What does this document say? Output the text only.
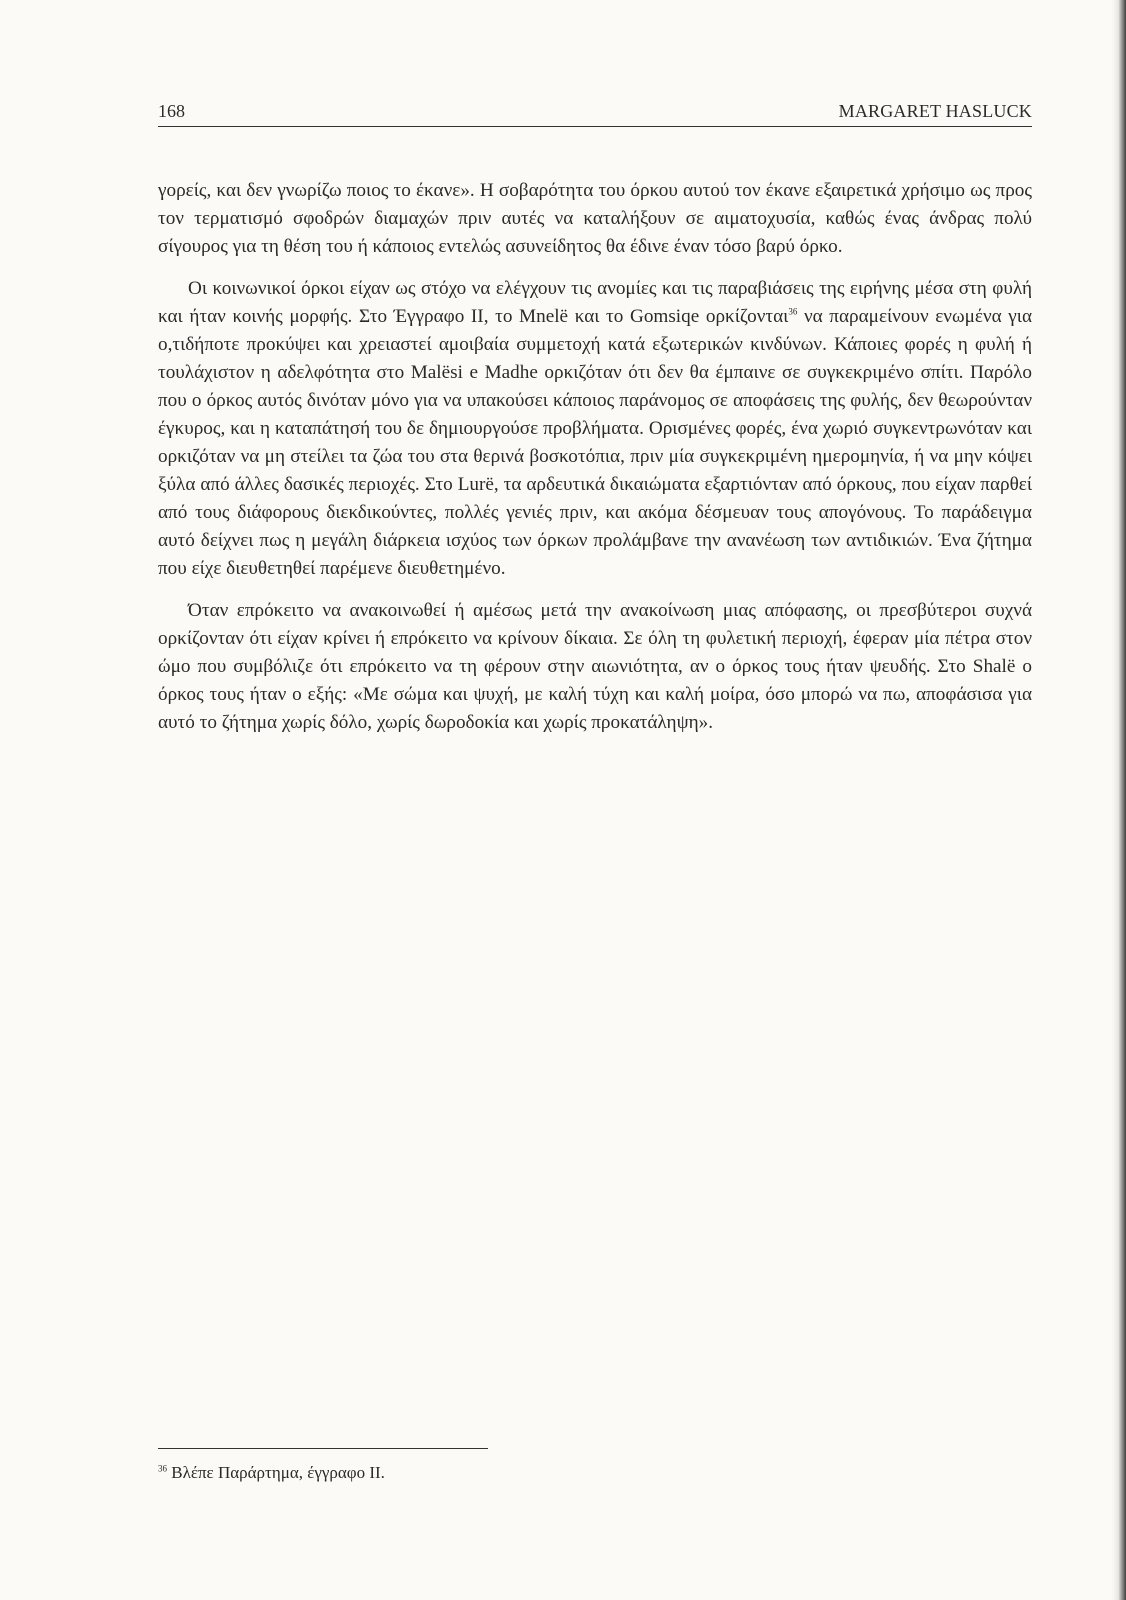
168	MARGARET HASLUCK

γορείς, και δεν γνωρίζω ποιος το έκανε». Η σοβαρότητα του όρκου αυτού τον έκανε εξαιρετικά χρήσιμο ως προς τον τερματισμό σφοδρών διαμαχών πριν αυτές να καταλήξουν σε αιματοχυσία, καθώς ένας άνδρας πολύ σίγουρος για τη θέση του ή κάποιος εντελώς ασυνείδητος θα έδινε έναν τόσο βαρύ όρκο.

Οι κοινωνικοί όρκοι είχαν ως στόχο να ελέγχουν τις ανομίες και τις παραβιάσεις της ειρήνης μέσα στη φυλή και ήταν κοινής μορφής. Στο Έγγραφο ΙΙ, το Mnelë και το Gomsiqe ορκίζονται$^{36}$ να παραμείνουν ενωμένα για ο,τιδήποτε προκύψει και χρειαστεί αμοιβαία συμμετοχή κατά εξωτερικών κινδύνων. Κάποιες φορές η φυλή ή τουλάχιστον η αδελφότητα στο Malësi e Madhe ορκιζόταν ότι δεν θα έμπαινε σε συγκεκριμένο σπίτι. Παρόλο που ο όρκος αυτός δινόταν μόνο για να υπακούσει κάποιος παράνομος σε αποφάσεις της φυλής, δεν θεωρούνταν έγκυρος, και η καταπάτησή του δε δημιουργούσε προβλήματα. Ορισμένες φορές, ένα χωριό συγκεντρωνόταν και ορκιζόταν να μη στείλει τα ζώα του στα θερινά βοσκοτόπια, πριν μία συγκεκριμένη ημερομηνία, ή να μην κόψει ξύλα από άλλες δασικές περιοχές. Στο Lurë, τα αρδευτικά δικαιώματα εξαρτιόνταν από όρκους, που είχαν παρθεί από τους διάφορους διεκδικούντες, πολλές γενιές πριν, και ακόμα δέσμευαν τους απογόνους. Το παράδειγμα αυτό δείχνει πως η μεγάλη διάρκεια ισχύος των όρκων προλάμβανε την ανανέωση των αντιδικιών. Ένα ζήτημα που είχε διευθετηθεί παρέμενε διευθετημένο.

Όταν επρόκειτο να ανακοινωθεί ή αμέσως μετά την ανακοίνωση μιας απόφασης, οι πρεσβύτεροι συχνά ορκίζονταν ότι είχαν κρίνει ή επρόκειτο να κρίνουν δίκαια. Σε όλη τη φυλετική περιοχή, έφεραν μία πέτρα στον ώμο που συμβόλιζε ότι επρόκειτο να τη φέρουν στην αιωνιότητα, αν ο όρκος τους ήταν ψευδής. Στο Shalë ο όρκος τους ήταν ο εξής: «Με σώμα και ψυχή, με καλή τύχη και καλή μοίρα, όσο μπορώ να πω, αποφάσισα για αυτό το ζήτημα χωρίς δόλο, χωρίς δωροδοκία και χωρίς προκατάληψη».

$^{36}$ Βλέπε Παράρτημα, έγγραφο ΙΙ.
